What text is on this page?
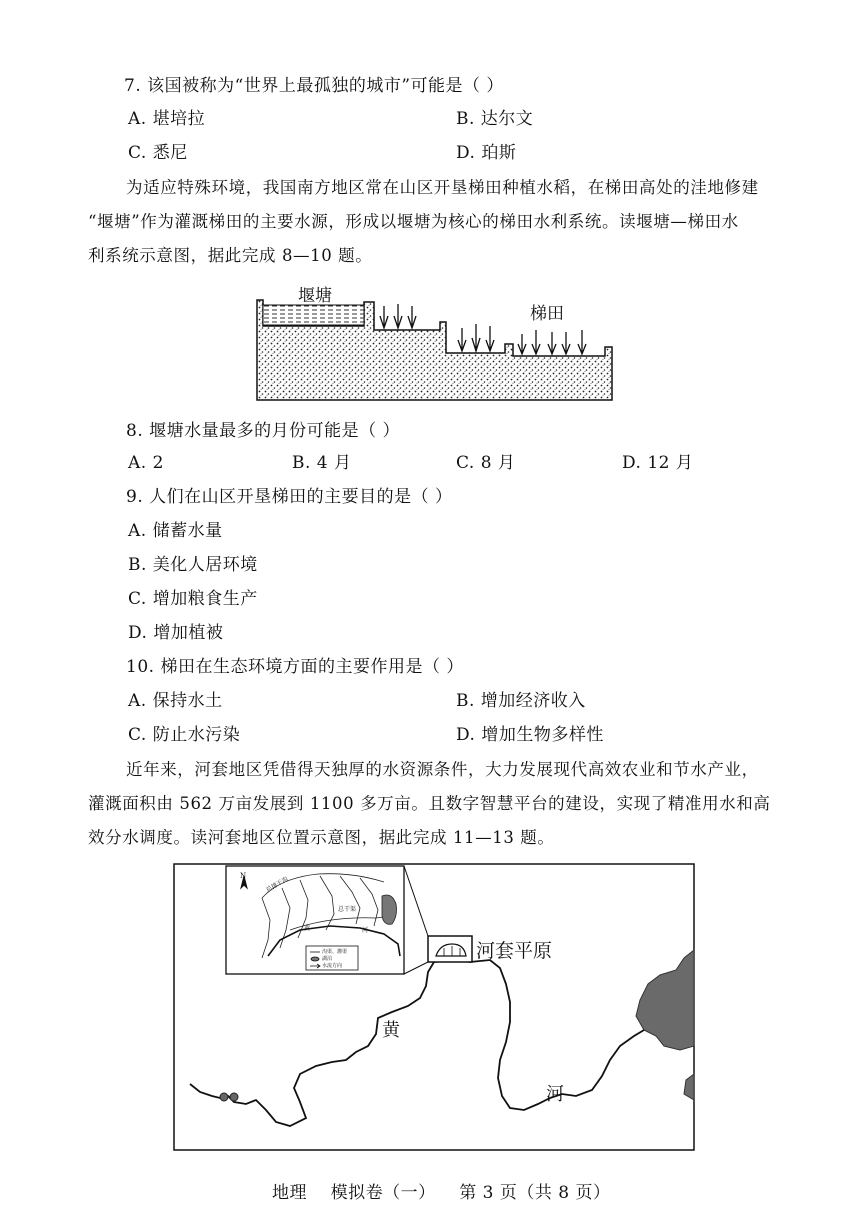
7. 该国被称为“世界上最孤独的城市”可能是（ ）
A. 堪培拉	B. 达尔文
C. 悉尼	D. 珀斯
为适应特殊环境，我国南方地区常在山区开垦梯田种植水稻，在梯田高处的洼地修建
“堰塘”作为灌溉梯田的主要水源，形成以堰塘为核心的梯田水利系统。读堰塘—梯田水
利系统示意图，据此完成 8—10 题。
堰塘
梯田
8. 堰塘水量最多的月份可能是（ ）
A. 2	B. 4 月	C. 8 月	D. 12 月
9. 人们在山区开垦梯田的主要目的是（ ）
A. 储蓄水量
B. 美化人居环境
C. 增加粮食生产
D. 增加植被
10. 梯田在生态环境方面的主要作用是（ ）
A. 保持水土	B. 增加经济收入
C. 防止水污染	D. 增加生物多样性
近年来，河套地区凭借得天独厚的水资源条件，大力发展现代高效农业和节水产业，
灌溉面积由 562 万亩发展到 1100 多万亩。且数字智慧平台的建设，实现了精准用水和高
效分水调度。读河套地区位置示意图，据此完成 11—13 题。
N	总排干沟
总干渠
黄	河
沟渠、灌渠
湖泊
水流方向
河套平原
黄
河
地理    模拟卷（一）    第 3 页（共 8 页）
